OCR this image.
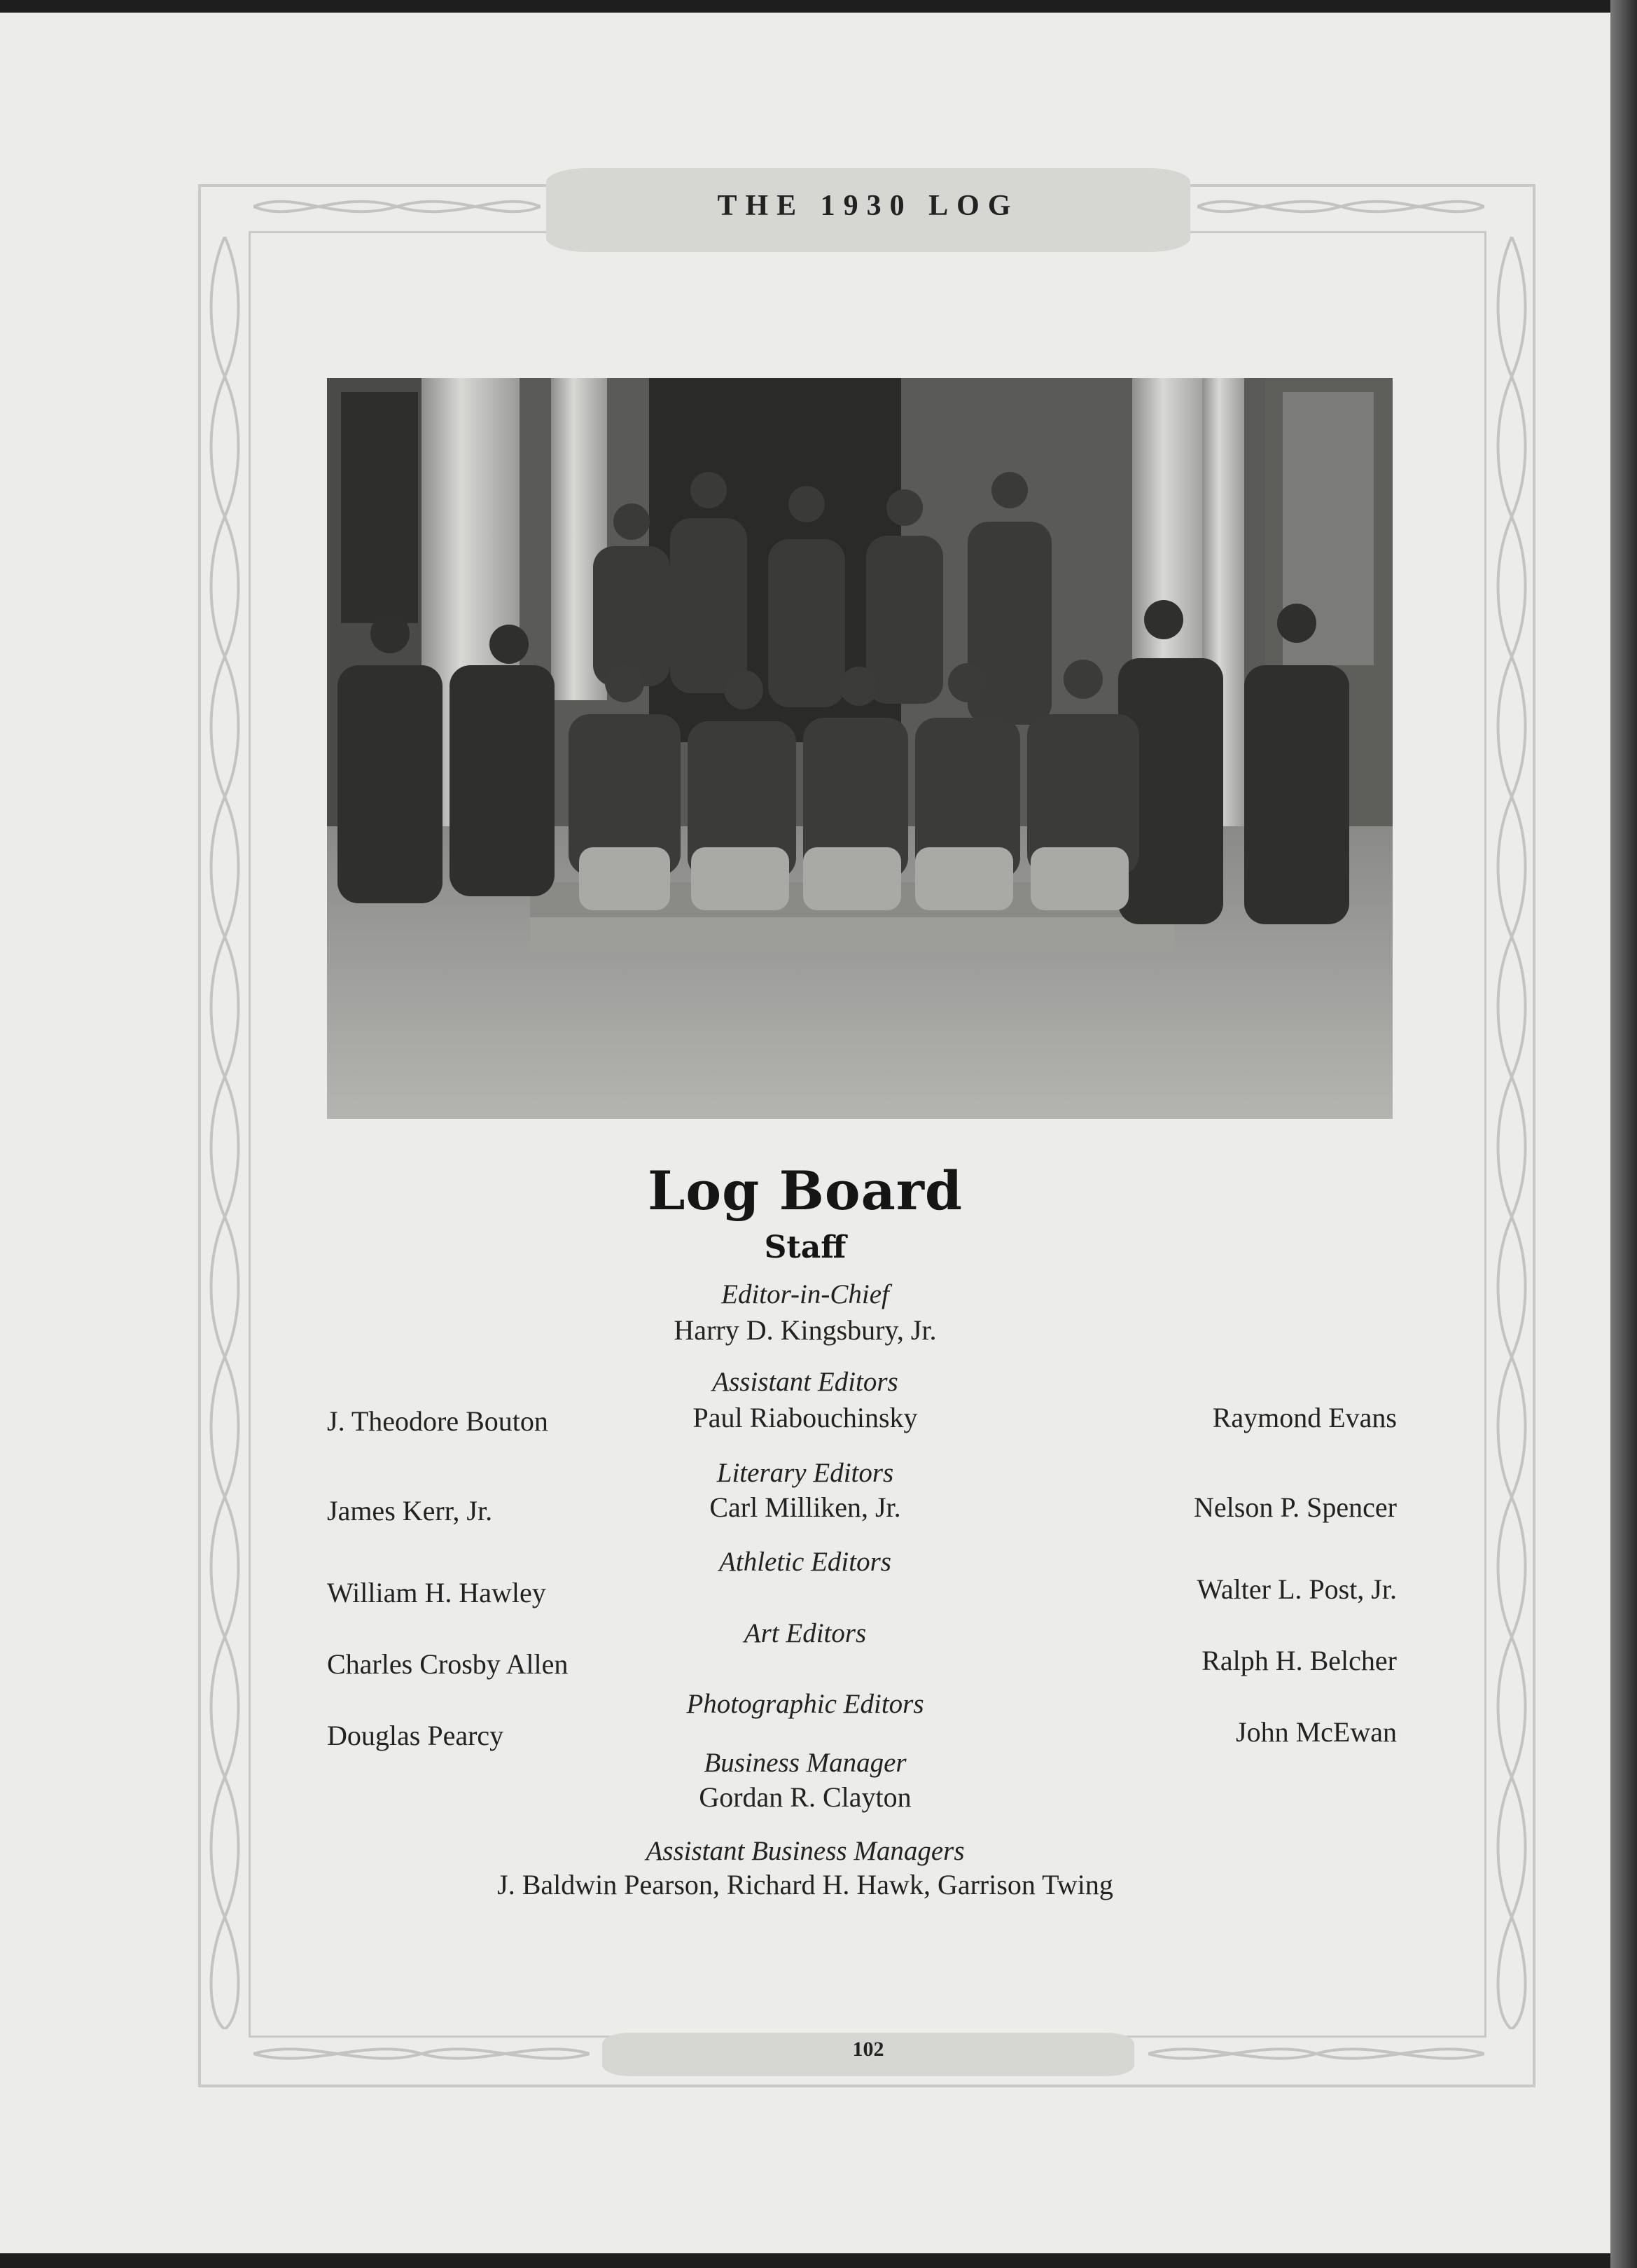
THE 1930 LOG
Log Board
Staff
Editor-in-Chief
Harry D. Kingsbury, Jr.
Assistant Editors
J. Theodore Bouton	Paul Riabouchinsky	Raymond Evans
Literary Editors
James Kerr, Jr.	Carl Milliken, Jr.	Nelson P. Spencer
Athletic Editors
William H. Hawley	Walter L. Post, Jr.
Art Editors
Charles Crosby Allen	Ralph H. Belcher
Photographic Editors
Douglas Pearcy	John McEwan
Business Manager
Gordan R. Clayton
Assistant Business Managers
J. Baldwin Pearson, Richard H. Hawk, Garrison Twing
102
